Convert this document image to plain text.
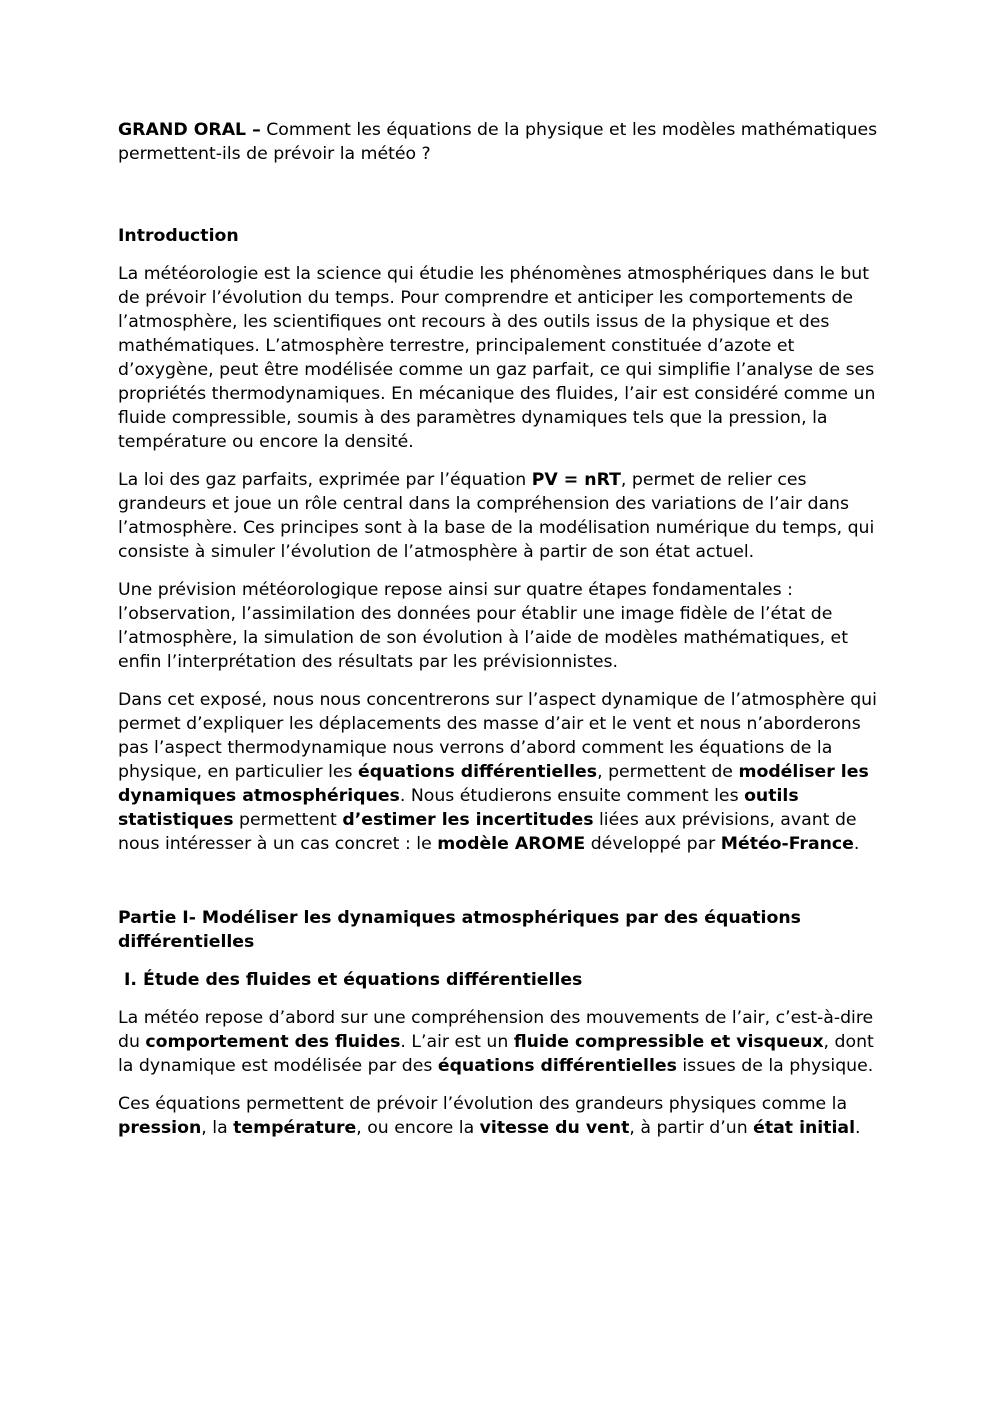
GRAND ORAL – Comment les équations de la physique et les modèles mathématiques permettent-ils de prévoir la météo ?

Introduction

La météorologie est la science qui étudie les phénomènes atmosphériques dans le but de prévoir l’évolution du temps. Pour comprendre et anticiper les comportements de l’atmosphère, les scientifiques ont recours à des outils issus de la physique et des mathématiques. L’atmosphère terrestre, principalement constituée d’azote et d’oxygène, peut être modélisée comme un gaz parfait, ce qui simplifie l’analyse de ses propriétés thermodynamiques. En mécanique des fluides, l’air est considéré comme un fluide compressible, soumis à des paramètres dynamiques tels que la pression, la température ou encore la densité.

La loi des gaz parfaits, exprimée par l’équation PV = nRT, permet de relier ces grandeurs et joue un rôle central dans la compréhension des variations de l’air dans l’atmosphère. Ces principes sont à la base de la modélisation numérique du temps, qui consiste à simuler l’évolution de l’atmosphère à partir de son état actuel.

Une prévision météorologique repose ainsi sur quatre étapes fondamentales : l’observation, l’assimilation des données pour établir une image fidèle de l’état de l’atmosphère, la simulation de son évolution à l’aide de modèles mathématiques, et enfin l’interprétation des résultats par les prévisionnistes.

Dans cet exposé, nous nous concentrerons sur l’aspect dynamique de l’atmosphère qui permet d’expliquer les déplacements des masse d’air et le vent et nous n’aborderons pas l’aspect thermodynamique nous verrons d’abord comment les équations de la physique, en particulier les équations différentielles, permettent de modéliser les dynamiques atmosphériques. Nous étudierons ensuite comment les outils statistiques permettent d’estimer les incertitudes liées aux prévisions, avant de nous intéresser à un cas concret : le modèle AROME développé par Météo-France.

Partie I- Modéliser les dynamiques atmosphériques par des équations différentielles

I. Étude des fluides et équations différentielles

La météo repose d’abord sur une compréhension des mouvements de l’air, c’est-à-dire du comportement des fluides. L’air est un fluide compressible et visqueux, dont la dynamique est modélisée par des équations différentielles issues de la physique.

Ces équations permettent de prévoir l’évolution des grandeurs physiques comme la pression, la température, ou encore la vitesse du vent, à partir d’un état initial.
